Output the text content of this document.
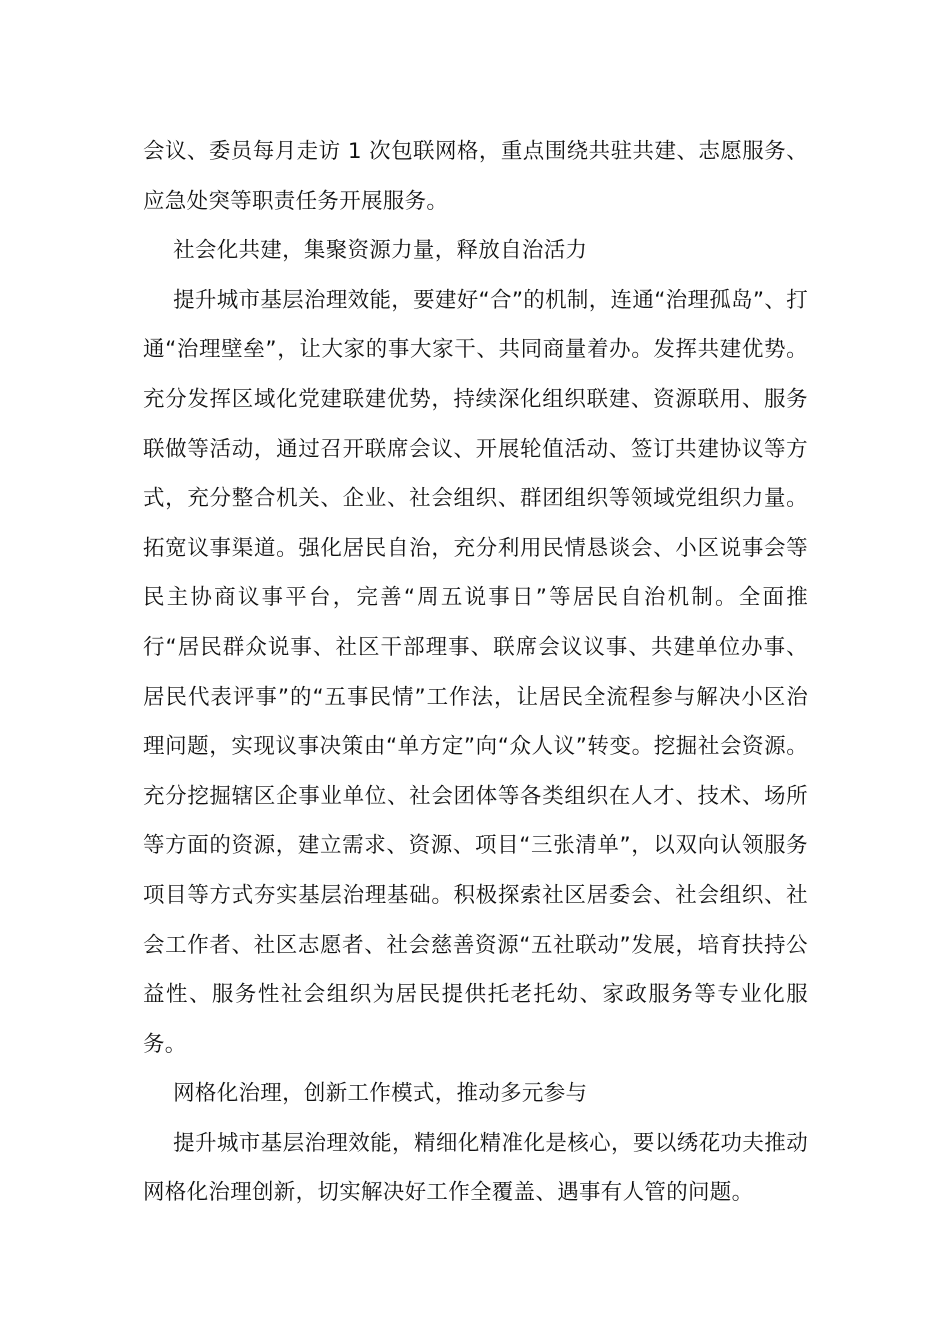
会议、委员每月走访 1 次包联网格，重点围绕共驻共建、志愿服务、应急处突等职责任务开展服务。

社会化共建，集聚资源力量，释放自治活力

提升城市基层治理效能，要建好“合”的机制，连通“治理孤岛”、打通“治理壁垒”，让大家的事大家干、共同商量着办。发挥共建优势。充分发挥区域化党建联建优势，持续深化组织联建、资源联用、服务联做等活动，通过召开联席会议、开展轮值活动、签订共建协议等方式，充分整合机关、企业、社会组织、群团组织等领域党组织力量。拓宽议事渠道。强化居民自治，充分利用民情恳谈会、小区说事会等民主协商议事平台，完善“周五说事日”等居民自治机制。全面推行“居民群众说事、社区干部理事、联席会议议事、共建单位办事、居民代表评事”的“五事民情”工作法，让居民全流程参与解决小区治理问题，实现议事决策由“单方定”向“众人议”转变。挖掘社会资源。充分挖掘辖区企事业单位、社会团体等各类组织在人才、技术、场所等方面的资源，建立需求、资源、项目“三张清单”，以双向认领服务项目等方式夯实基层治理基础。积极探索社区居委会、社会组织、社会工作者、社区志愿者、社会慈善资源“五社联动”发展，培育扶持公益性、服务性社会组织为居民提供托老托幼、家政服务等专业化服务。

网格化治理，创新工作模式，推动多元参与

提升城市基层治理效能，精细化精准化是核心，要以绣花功夫推动网格化治理创新，切实解决好工作全覆盖、遇事有人管的问题。
